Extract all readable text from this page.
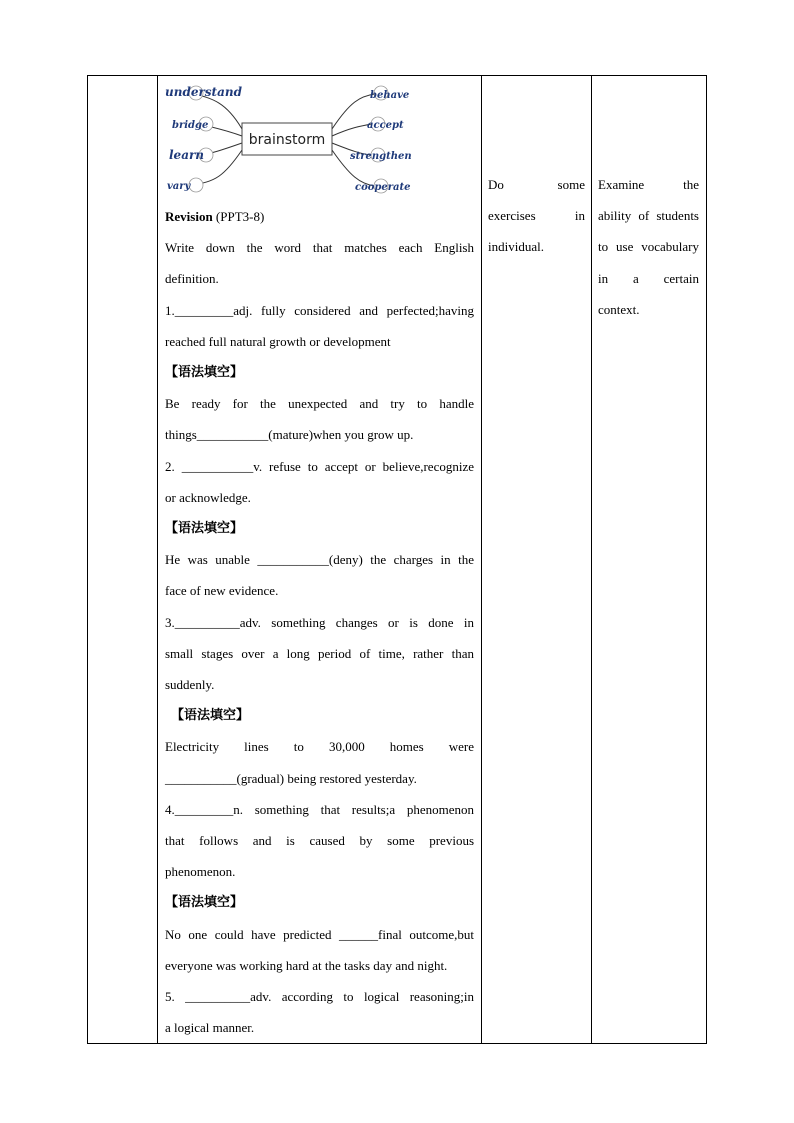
brainstorm
understand
bridge
learn
vary
behave
accept
strengthen
cooperate

Revision (PPT3-8)

Write down the word that matches each English

definition.

1._________adj. fully considered and perfected;having

reached full natural growth or development

【语法填空】

Be ready for the unexpected and try to handle

things___________(mature)when you grow up.

2. ___________v. refuse to accept or believe,recognize

or acknowledge.

【语法填空】

He was unable ___________(deny) the charges in the

face of new evidence.

3.__________adv. something changes or is done in

small stages over a long period of time, rather than

suddenly.

【语法填空】

Electricity lines to 30,000 homes were

___________(gradual) being restored yesterday.

4._________n. something that results;a phenomenon

that follows and is caused by some previous

phenomenon.

【语法填空】

No one could have predicted ______final outcome,but

everyone was working hard at the tasks day and night.

5. __________adv. according to logical reasoning;in

a logical manner.

Do some

exercises in

individual.

Examine the

ability of students

to use vocabulary

in a certain

context.
